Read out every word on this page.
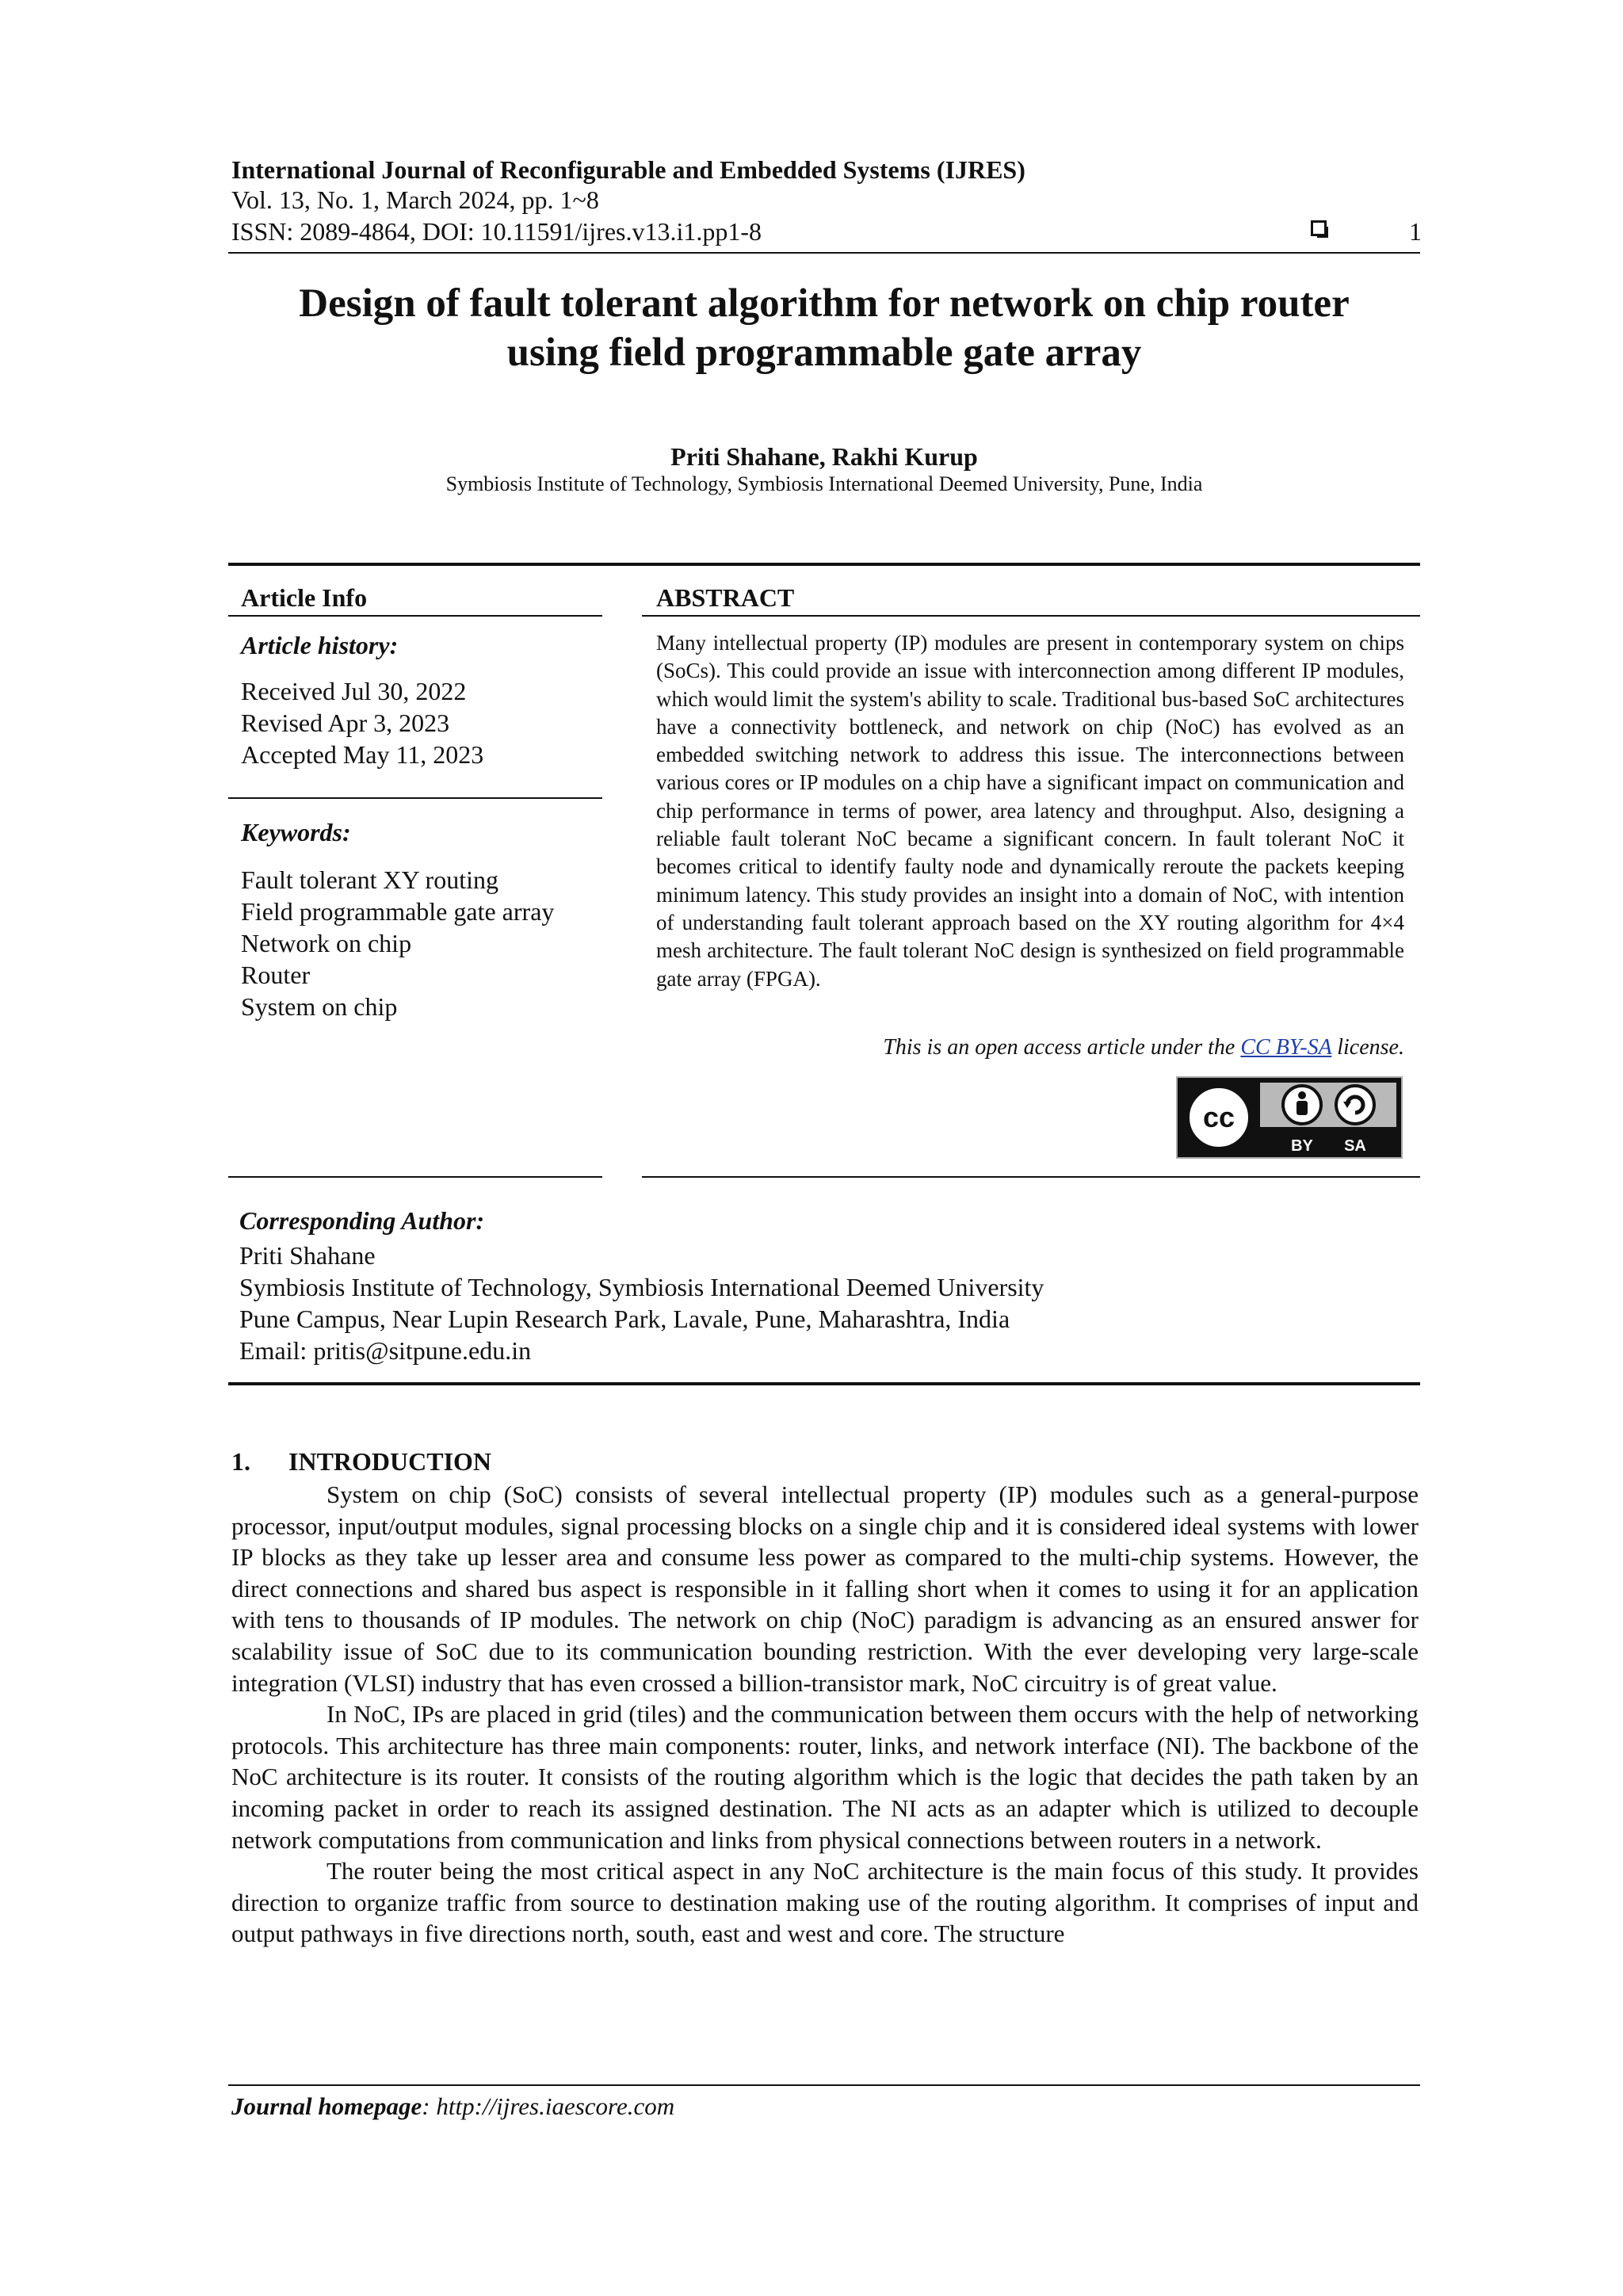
International Journal of Reconfigurable and Embedded Systems (IJRES)
Vol. 13, No. 1, March 2024, pp. 1~8
ISSN: 2089-4864, DOI: 10.11591/ijres.v13.i1.pp1-8	1
Design of fault tolerant algorithm for network on chip router
using field programmable gate array
Priti Shahane, Rakhi Kurup
Symbiosis Institute of Technology, Symbiosis International Deemed University, Pune, India
Article Info
Article history:
Received Jul 30, 2022
Revised Apr 3, 2023
Accepted May 11, 2023
Keywords:
Fault tolerant XY routing
Field programmable gate array
Network on chip
Router
System on chip
ABSTRACT
Many intellectual property (IP) modules are present in contemporary system on chips (SoCs). This could provide an issue with interconnection among different IP modules, which would limit the system's ability to scale. Traditional bus-based SoC architectures have a connectivity bottleneck, and network on chip (NoC) has evolved as an embedded switching network to address this issue. The interconnections between various cores or IP modules on a chip have a significant impact on communication and chip performance in terms of power, area latency and throughput. Also, designing a reliable fault tolerant NoC became a significant concern. In fault tolerant NoC it becomes critical to identify faulty node and dynamically reroute the packets keeping minimum latency. This study provides an insight into a domain of NoC, with intention of understanding fault tolerant approach based on the XY routing algorithm for 4×4 mesh architecture. The fault tolerant NoC design is synthesized on field programmable gate array (FPGA).
This is an open access article under the CC BY-SA license.
cc
BY SA
Corresponding Author:
Priti Shahane
Symbiosis Institute of Technology, Symbiosis International Deemed University
Pune Campus, Near Lupin Research Park, Lavale, Pune, Maharashtra, India
Email: pritis@sitpune.edu.in
1. INTRODUCTION

System on chip (SoC) consists of several intellectual property (IP) modules such as a general-purpose processor, input/output modules, signal processing blocks on a single chip and it is considered ideal systems with lower IP blocks as they take up lesser area and consume less power as compared to the multi-chip systems. However, the direct connections and shared bus aspect is responsible in it falling short when it comes to using it for an application with tens to thousands of IP modules. The network on chip (NoC) paradigm is advancing as an ensured answer for scalability issue of SoC due to its communication bounding restriction. With the ever developing very large-scale integration (VLSI) industry that has even crossed a billion-transistor mark, NoC circuitry is of great value.

In NoC, IPs are placed in grid (tiles) and the communication between them occurs with the help of networking protocols. This architecture has three main components: router, links, and network interface (NI). The backbone of the NoC architecture is its router. It consists of the routing algorithm which is the logic that decides the path taken by an incoming packet in order to reach its assigned destination. The NI acts as an adapter which is utilized to decouple network computations from communication and links from physical connections between routers in a network.

The router being the most critical aspect in any NoC architecture is the main focus of this study. It provides direction to organize traffic from source to destination making use of the routing algorithm. It comprises of input and output pathways in five directions north, south, east and west and core. The structure

Journal homepage: http://ijres.iaescore.com
